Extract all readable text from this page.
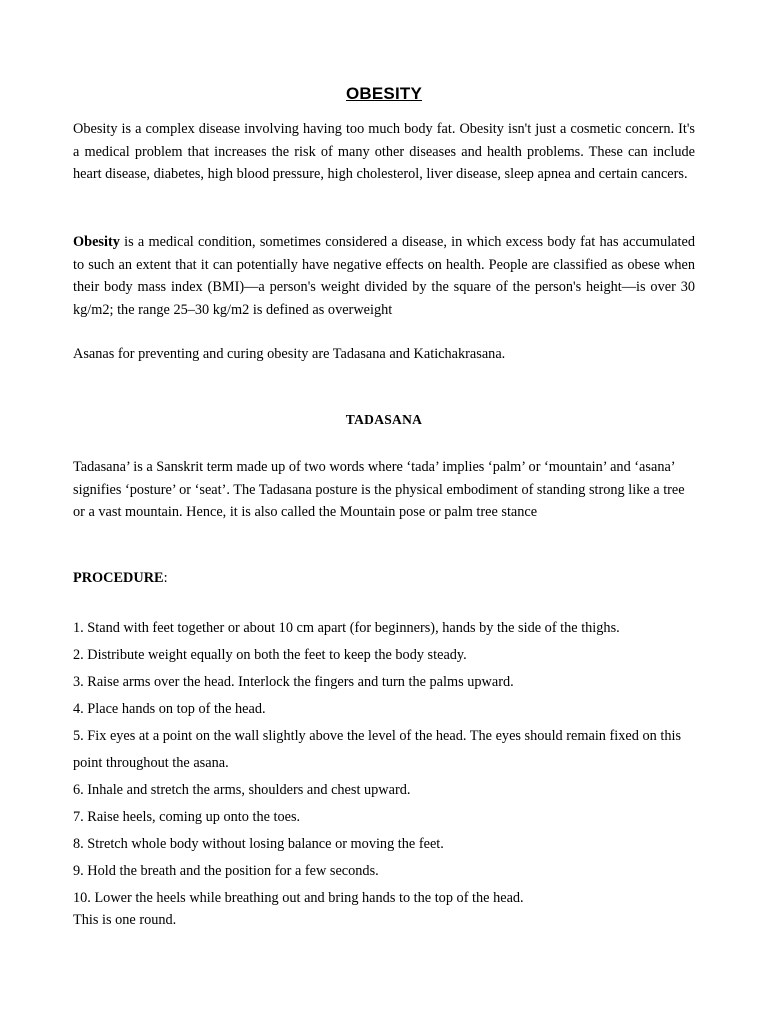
OBESITY

Obesity is a complex disease involving having too much body fat. Obesity isn't just a cosmetic concern. It's a medical problem that increases the risk of many other diseases and health problems. These can include heart disease, diabetes, high blood pressure, high cholesterol, liver disease, sleep apnea and certain cancers.

Obesity is a medical condition, sometimes considered a disease, in which excess body fat has accumulated to such an extent that it can potentially have negative effects on health. People are classified as obese when their body mass index (BMI)—a person's weight divided by the square of the person's height—is over 30 kg/m2; the range 25–30 kg/m2 is defined as overweight

Asanas for preventing and curing obesity are Tadasana and Katichakrasana.

TADASANA

Tadasana’ is a Sanskrit term made up of two words where ‘tada’ implies ‘palm’ or ‘mountain’ and ‘asana’ signifies ‘posture’ or ‘seat’. The Tadasana posture is the physical embodiment of standing strong like a tree or a vast mountain. Hence, it is also called the Mountain pose or palm tree stance

PROCEDURE:
1. Stand with feet together or about 10 cm apart (for beginners), hands by the side of the thighs.
2. Distribute weight equally on both the feet to keep the body steady.
3. Raise arms over the head. Interlock the fingers and turn the palms upward.
4. Place hands on top of the head.
5. Fix eyes at a point on the wall slightly above the level of the head. The eyes should remain fixed on this point throughout the asana.
6. Inhale and stretch the arms, shoulders and chest upward.
7. Raise heels, coming up onto the toes.
8. Stretch whole body without losing balance or moving the feet.
9. Hold the breath and the position for a few seconds.
10. Lower the heels while breathing out and bring hands to the top of the head.
This is one round.
